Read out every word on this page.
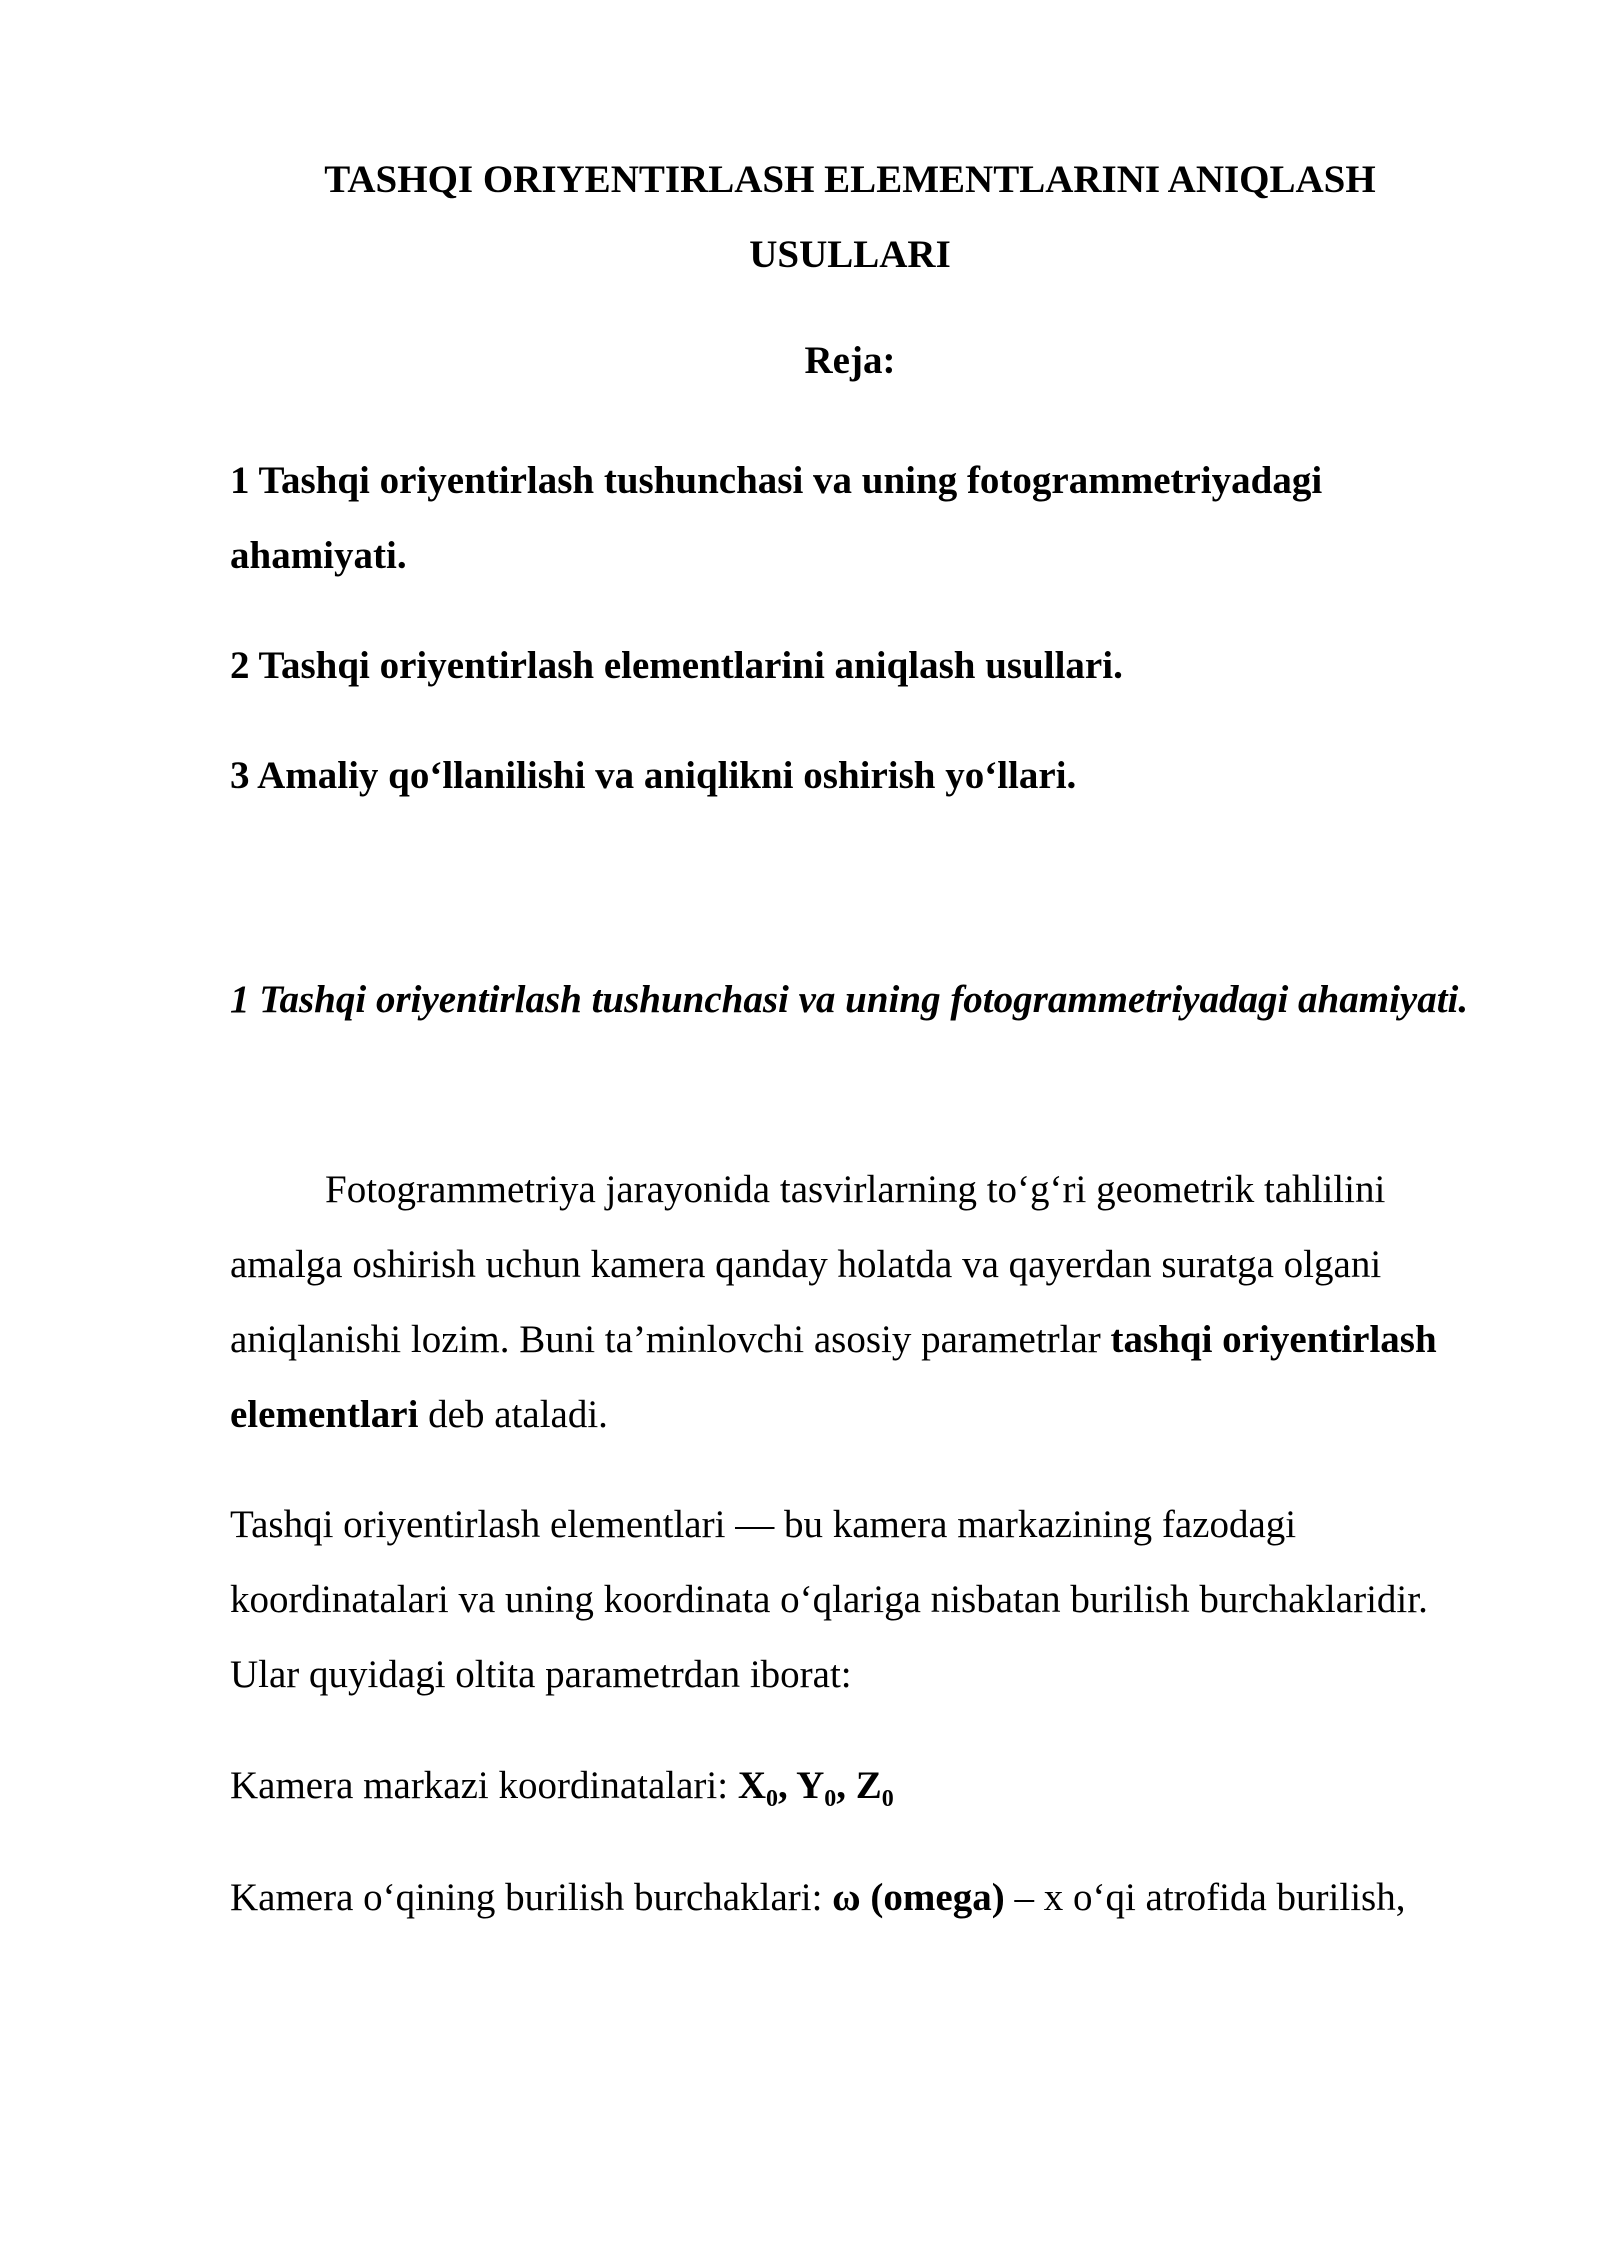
TASHQI ORIYENTIRLASH ELEMENTLARINI ANIQLASH USULLARI

Reja:

1 Tashqi oriyentirlash tushunchasi va uning fotogrammetriyadagi ahamiyati.

2 Tashqi oriyentirlash elementlarini aniqlash usullari.

3 Amaliy qo‘llanilishi va aniqlikni oshirish yo‘llari.

1 Tashqi oriyentirlash tushunchasi va uning fotogrammetriyadagi ahamiyati.

Fotogrammetriya jarayonida tasvirlarning to‘g‘ri geometrik tahlilini amalga oshirish uchun kamera qanday holatda va qayerdan suratga olgani aniqlanishi lozim. Buni ta’minlovchi asosiy parametrlar tashqi oriyentirlash elementlari deb ataladi.

Tashqi oriyentirlash elementlari — bu kamera markazining fazodagi koordinatalari va uning koordinata o‘qlariga nisbatan burilish burchaklaridir. Ular quyidagi oltita parametrdan iborat:

Kamera markazi koordinatalari: $X_0$, $Y_0$, $Z_0$

Kamera o‘qining burilish burchaklari: ω (omega) – x o‘qi atrofida burilish,
